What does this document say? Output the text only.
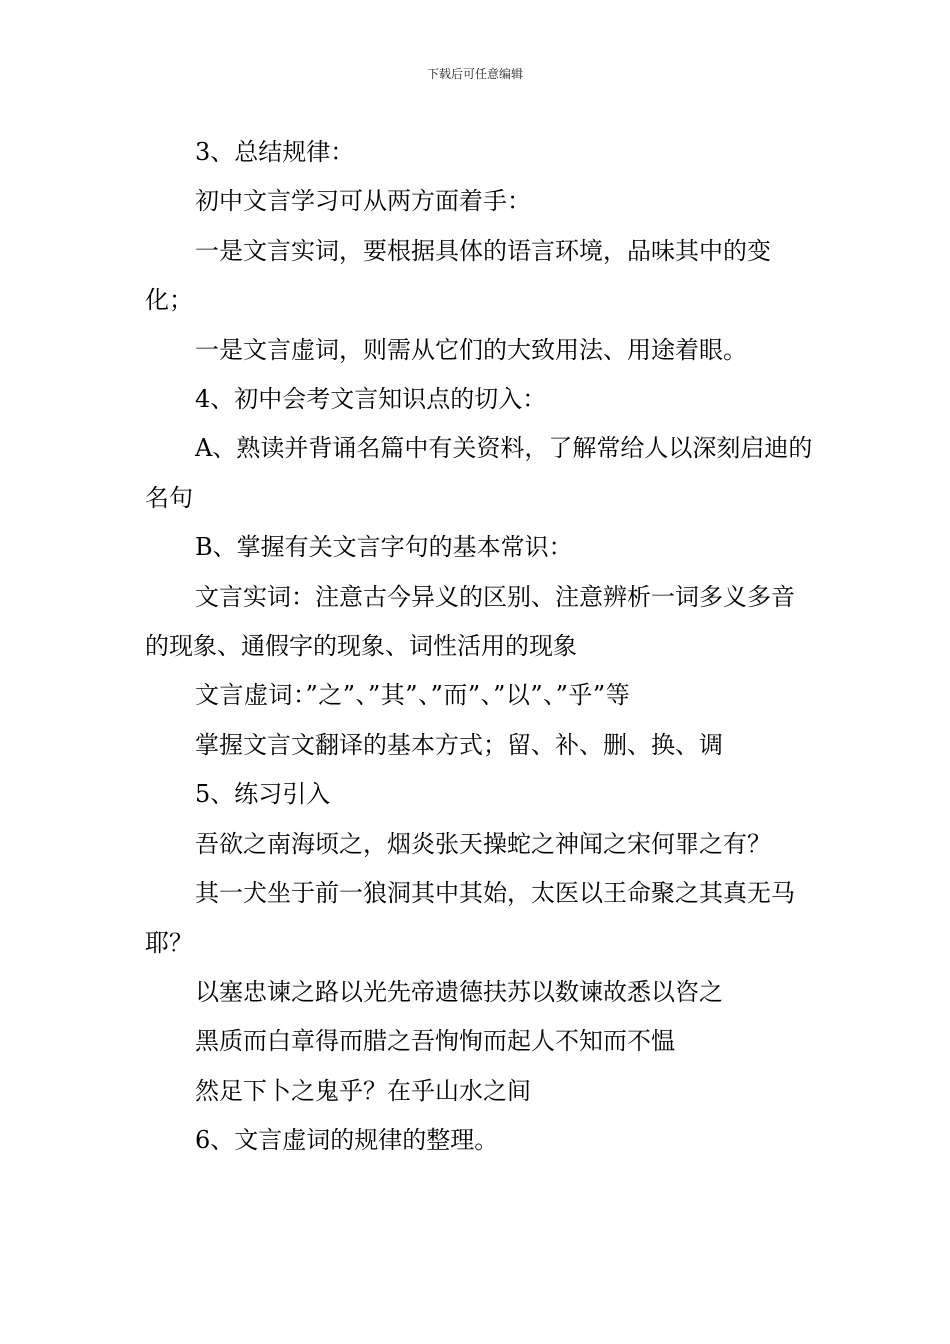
下载后可任意编辑

3、总结规律：

初中文言学习可从两方面着手：

一是文言实词，要根据具体的语言环境，品味其中的变化；

一是文言虚词，则需从它们的大致用法、用途着眼。

4、初中会考文言知识点的切入：

A、熟读并背诵名篇中有关资料，了解常给人以深刻启迪的名句

B、掌握有关文言字句的基本常识：

文言实词：注意古今异义的区别、注意辨析一词多义多音的现象、通假字的现象、词性活用的现象

文言虚词：”之”、”其”、”而”、”以”、”乎”等

掌握文言文翻译的基本方式；留、补、删、换、调

5、练习引入

吾欲之南海顷之，烟炎张天操蛇之神闻之宋何罪之有？

其一犬坐于前一狼洞其中其始，太医以王命聚之其真无马耶？

以塞忠谏之路以光先帝遗德扶苏以数谏故悉以咨之

黑质而白章得而腊之吾恂恂而起人不知而不愠

然足下卜之鬼乎？在乎山水之间

6、文言虚词的规律的整理。
